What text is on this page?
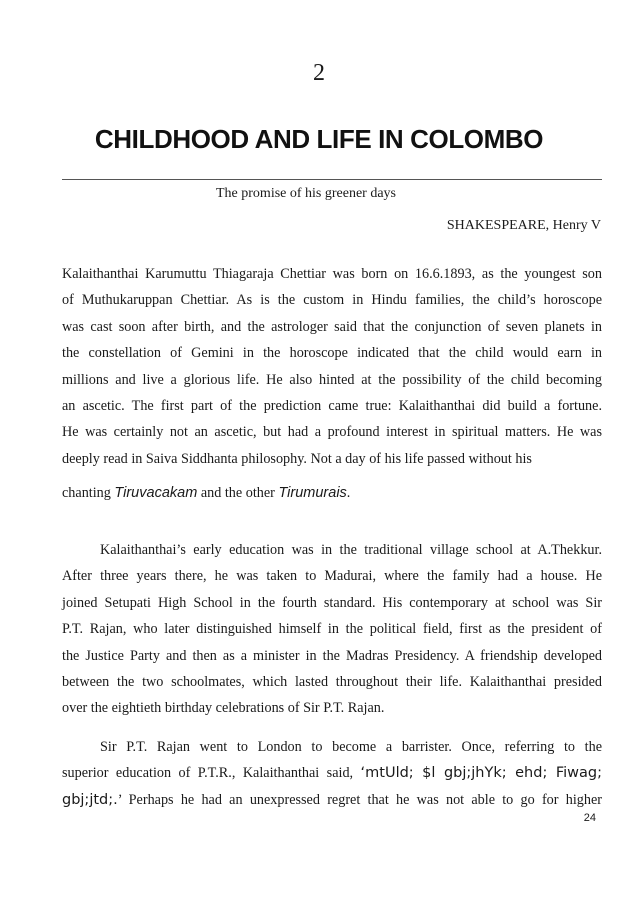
2
CHILDHOOD AND LIFE IN COLOMBO
The promise of his greener days
SHAKESPEARE, Henry V
Kalaithanthai Karumuttu Thiagaraja Chettiar was born on 16.6.1893, as the youngest son
of Muthukaruppan Chettiar. As is the custom in Hindu families, the child’s horoscope
was cast soon after birth, and the astrologer said that the conjunction of seven planets in
the constellation of Gemini in the horoscope indicated that the child would earn in
millions and live a glorious life. He also hinted at the possibility of the child becoming
an ascetic. The first part of the prediction came true: Kalaithanthai did build a fortune.
He was certainly not an ascetic, but had a profound interest in spiritual matters. He was
deeply read in Saiva Siddhanta philosophy. Not a day of his life passed without his
chanting Tiruvacakam and the other Tirumurais.
Kalaithanthai’s early education was in the traditional village school at A.Thekkur.
After three years there, he was taken to Madurai, where the family had a house. He
joined Setupati High School in the fourth standard. His contemporary at school was Sir
P.T. Rajan, who later distinguished himself in the political field, first as the president of
the Justice Party and then as a minister in the Madras Presidency. A friendship developed
between the two schoolmates, which lasted throughout their life. Kalaithanthai presided
over the eightieth birthday celebrations of Sir P.T. Rajan.
Sir P.T. Rajan went to London to become a barrister. Once, referring to the
superior education of P.T.R., Kalaithanthai said, ‘mtUld; $l gbj;jhYk; ehd; Fiwag;
gbj;jtd;.’ Perhaps he had an unexpressed regret that he was not able to go for higher
24
